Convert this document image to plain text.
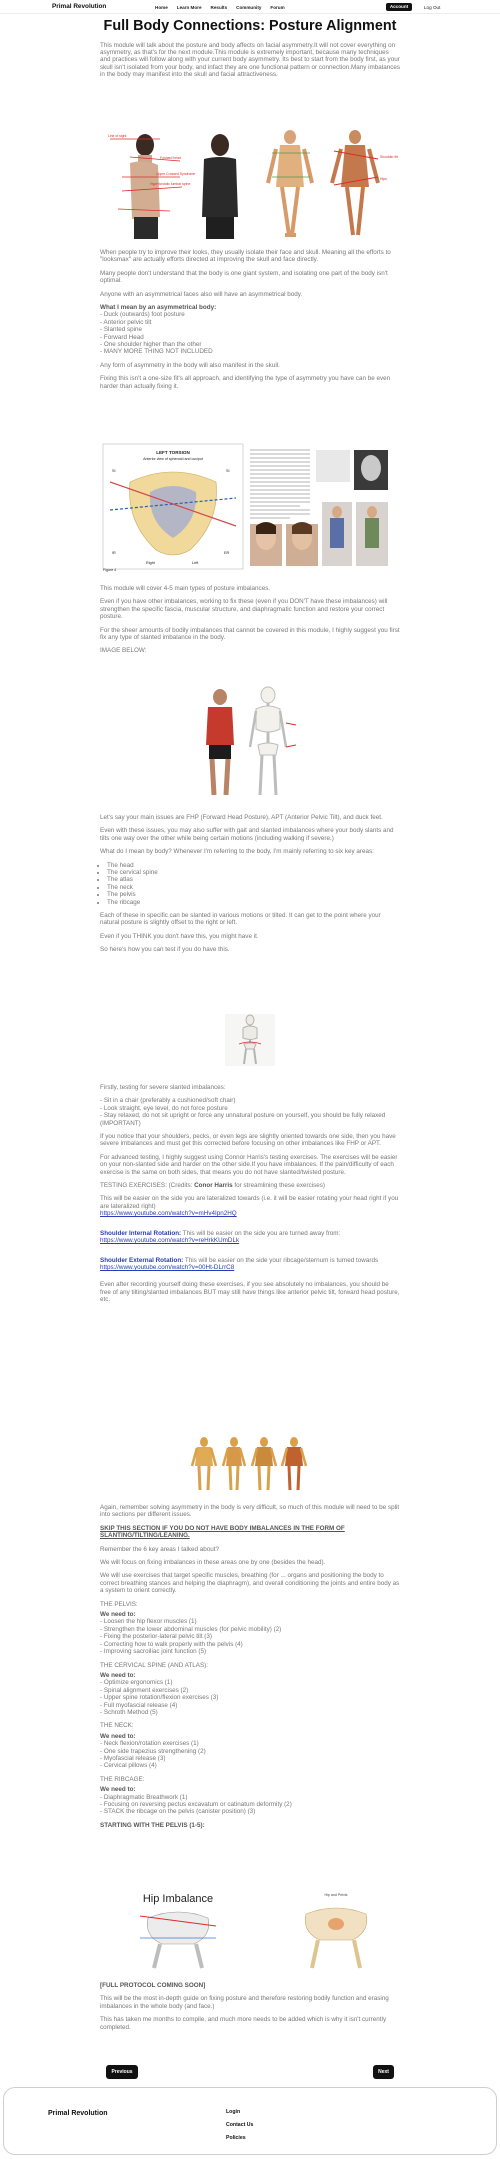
Primal Revolution	Home Learn More Results Community Forum	Account	Log Out
Full Body Connections: Posture Alignment
This module will talk about the posture and body affects on facial asymmetry.It will not cover everything on asymmetry, as that's for the next module.This module is extremely important, because many techniques and practices will follow along with your current body asymmetry. Its best to start from the body first, as your skull isn't isolated from your body, and infact they are one functional pattern or connection.Many imbalances in the body may manifest into the skull and facial attractiveness.
Line of sight
Forward head
Upper Crossed Syndrome
Hyperlordotic lumbar spine
Shoulder tilt
Hips
When people try to improve their looks, they usually isolate their face and skull. Meaning all the efforts to "looksmax" are actually efforts directed at improving the skull and face directly.
Many people don't understand that the body is one giant system, and isolating one part of the body isn't optimal.
Anyone with an asymmetrical faces also will have an asymmetrical body.
What I mean by an asymmetrical body:
- Duck (outwards) foot posture
- Anterior pelvic tilt
- Slanted spine
- Forward Head
- One shoulder higher than the other
- MANY MORE THING NOT INCLUDED
Any form of asymmetry in the body will also manifest in the skull.
Fixing this isn't a one-size fit's all approach, and identifying the type of asymmetry you have can be even harder than actually fixing it.
LEFT TORSION
Anterior view of sphenoid and occiput
SI	SI
IR	ER
Right	Left
Figure 4
This module will cover 4-5 main types of posture imbalances.
Even if you have other imbalances, working to fix these (even if you DON'T have these imbalances) will strengthen the specific fascia, muscular structure, and diaphragmatic function and restore your correct posture.
For the sheer amounts of bodily imbalances that cannot be covered in this module, I highly suggest you first fix any type of slanted imbalance in the body.
IMAGE BELOW:
Let's say your main issues are FHP (Forward Head Posture), APT (Anterior Pelvic Tilt), and duck feet.
Even with these issues, you may also suffer with gait and slanted imbalances where your body slants and tilts one way over the other while being certain motions (including walking if severe.)
What do I mean by body? Whenever I'm referring to the body, I'm mainly referring to six key areas:
• The head
• The cervical spine
• The atlas
• The neck
• The pelvis
• The ribcage
Each of these in specific can be slanted in various motions or tilted. It can get to the point where your natural posture is slightly offset to the right or left.
Even if you THINK you don't have this, you might have it.
So here's how you can test if you do have this.
Firstly, testing for severe slanted imbalances:
- Sit in a chair (preferably a cushioned/soft chair)
- Look straight, eye level, do not force posture
- Stay relaxed, do not sit upright or force any unnatural posture on yourself, you should be fully relaxed (IMPORTANT)
If you notice that your shoulders, pecks, or even legs are slightly oriented towards one side, then you have severe imbalances and must get this corrected before focusing on other imbalances like FHP or APT.
For advanced testing, I highly suggest using Connor Harris's testing exercises. The exercises will be easier on your non-slanted side and harder on the other side.If you have imbalances. If the pain/difficulty of each exercise is the same on both sides, that means you do not have slanted/twisted posture.
TESTING EXERCISES: (Credits: Conor Harris for streamlining these exercises)
This will be easier on the side you are lateralized towards (i.e. it will be easier rotating your head right if you are lateralized right)
https://www.youtube.com/watch?v=mHv4Ipn2HQ
Shoulder Internal Rotation: This will be easier on the side you are turned away from:
https://www.youtube.com/watch?v=reHrkKUmDLk
Shoulder External Rotation: This will be easier on the side your ribcage/sternum is turned towards
https://www.youtube.com/watch?v=00Ht-DLrrC8
Even after recording yourself doing these exercises, if you see absolutely no imbalances, you should be free of any tilting/slanted imbalances BUT may still have things like anterior pelvic tilt, forward head posture, etc.
Again, remember solving asymmetry in the body is very difficult, so much of this module will need to be split into sections per different issues.
SKIP THIS SECTION IF YOU DO NOT HAVE BODY IMBALANCES IN THE FORM OF SLANTING/TILTING/LEANING.
Remember the 6 key areas I talked about?
We will focus on fixing imbalances in these areas one by one (besides the head).
We will use exercises that target specific muscles, breathing (for ... organs and positioning the body to correct breathing stances and helping the diaphragm), and overall conditioning the joints and entire body as a system to orient correctly.
THE PELVIS:
We need to:
- Loosen the hip flexor muscles (1)
- Strengthen the lower abdominal muscles (for pelvic mobility) (2)
- Fixing the posterior-lateral pelvic tilt (3)
- Correcting how to walk properly with the pelvis (4)
- Improving sacroiliac joint function (5)
THE CERVICAL SPINE (AND ATLAS):
We need to:
- Optimize ergonomics (1)
- Spinal alignment exercises (2)
- Upper spine rotation/flexion exercises (3)
- Full myofascial release (4)
- Schroth Method (5)
THE NECK:
We need to:
- Neck flexion/rotation exercises (1)
- One side trapezius strengthening (2)
- Myofascial release (3)
- Cervical pillows (4)
THE RIBCAGE:
We need to:
- Diaphragmatic Breathwork (1)
- Focusing on reversing pectus excavatum or catinatum deformity (2)
- STACK the ribcage on the pelvis (canister position) (3)
STARTING WITH THE PELVIS (1-5):
Hip Imbalance	Hip and Pelvis
[FULL PROTOCOL COMING SOON]
This will be the most in-depth guide on fixing posture and therefore restoring bodily function and erasing imbalances in the whole body (and face.)
This has taken me months to compile, and much more needs to be added which is why it isn't currently completed.
Previous	Next
Primal Revolution	Login
Contact Us
Policies
